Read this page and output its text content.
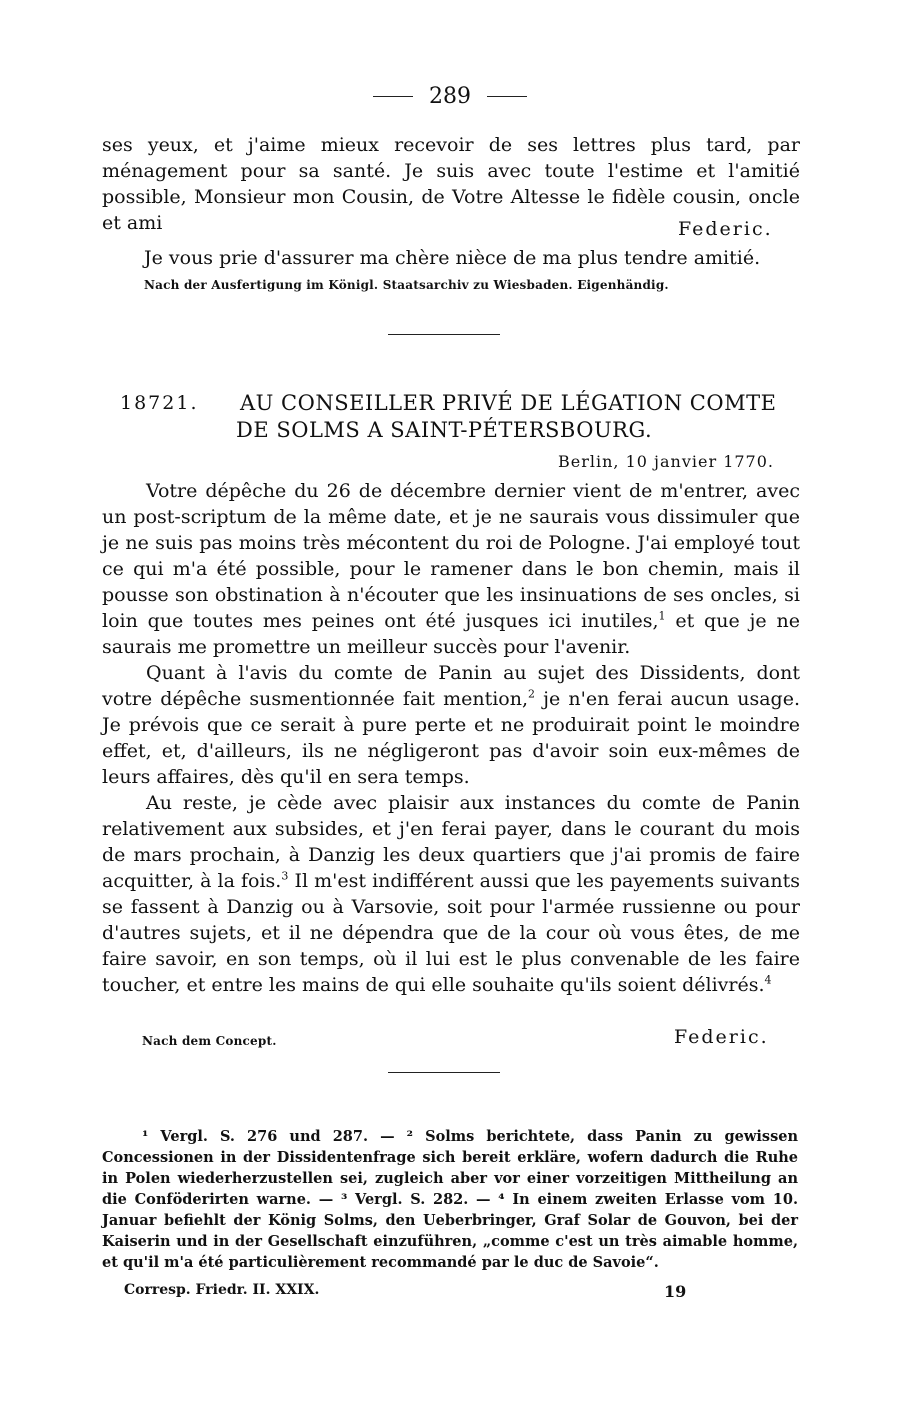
289

ses yeux, et j'aime mieux recevoir de ses lettres plus tard, par ménagement pour sa santé. Je suis avec toute l'estime et l'amitié possible, Monsieur mon Cousin, de Votre Altesse le fidèle cousin, oncle et ami	Federic.

Je vous prie d'assurer ma chère nièce de ma plus tendre amitié.

Nach der Ausfertigung im Königl. Staatsarchiv zu Wiesbaden. Eigenhändig.
18721. AU CONSEILLER PRIVÉ DE LÉGATION COMTE
DE SOLMS A SAINT-PÉTERSBOURG.
Berlin, 10 janvier 1770.

Votre dépêche du 26 de décembre dernier vient de m'entrer, avec un post-scriptum de la même date, et je ne saurais vous dissimuler que je ne suis pas moins très mécontent du roi de Pologne. J'ai employé tout ce qui m'a été possible, pour le ramener dans le bon chemin, mais il pousse son obstination à n'écouter que les insinuations de ses oncles, si loin que toutes mes peines ont été jusques ici inutiles,$^1$ et que je ne saurais me promettre un meilleur succès pour l'avenir.

Quant à l'avis du comte de Panin au sujet des Dissidents, dont votre dépêche susmentionnée fait mention,$^2$ je n'en ferai aucun usage. Je prévois que ce serait à pure perte et ne produirait point le moindre effet, et, d'ailleurs, ils ne négligeront pas d'avoir soin eux-mêmes de leurs affaires, dès qu'il en sera temps.

Au reste, je cède avec plaisir aux instances du comte de Panin relativement aux subsides, et j'en ferai payer, dans le courant du mois de mars prochain, à Danzig les deux quartiers que j'ai promis de faire acquitter, à la fois.$^3$ Il m'est indifférent aussi que les payements suivants se fassent à Danzig ou à Varsovie, soit pour l'armée russienne ou pour d'autres sujets, et il ne dépendra que de la cour où vous êtes, de me faire savoir, en son temps, où il lui est le plus convenable de les faire toucher, et entre les mains de qui elle souhaite qu'ils soient délivrés.$^4$

Nach dem Concept.	Federic.

¹ Vergl. S. 276 und 287. — ² Solms berichtete, dass Panin zu gewissen Concessionen in der Dissidentenfrage sich bereit erkläre, wofern dadurch die Ruhe in Polen wiederherzustellen sei, zugleich aber vor einer vorzeitigen Mittheilung an die Conföderirten warne. — ³ Vergl. S. 282. — ⁴ In einem zweiten Erlasse vom 10. Januar befiehlt der König Solms, den Ueberbringer, Graf Solar de Gouvon, bei der Kaiserin und in der Gesellschaft einzuführen, „comme c'est un très aimable homme, et qu'il m'a été particulièrement recommandé par le duc de Savoie“.

Corresp. Friedr. II. XXIX.	19
